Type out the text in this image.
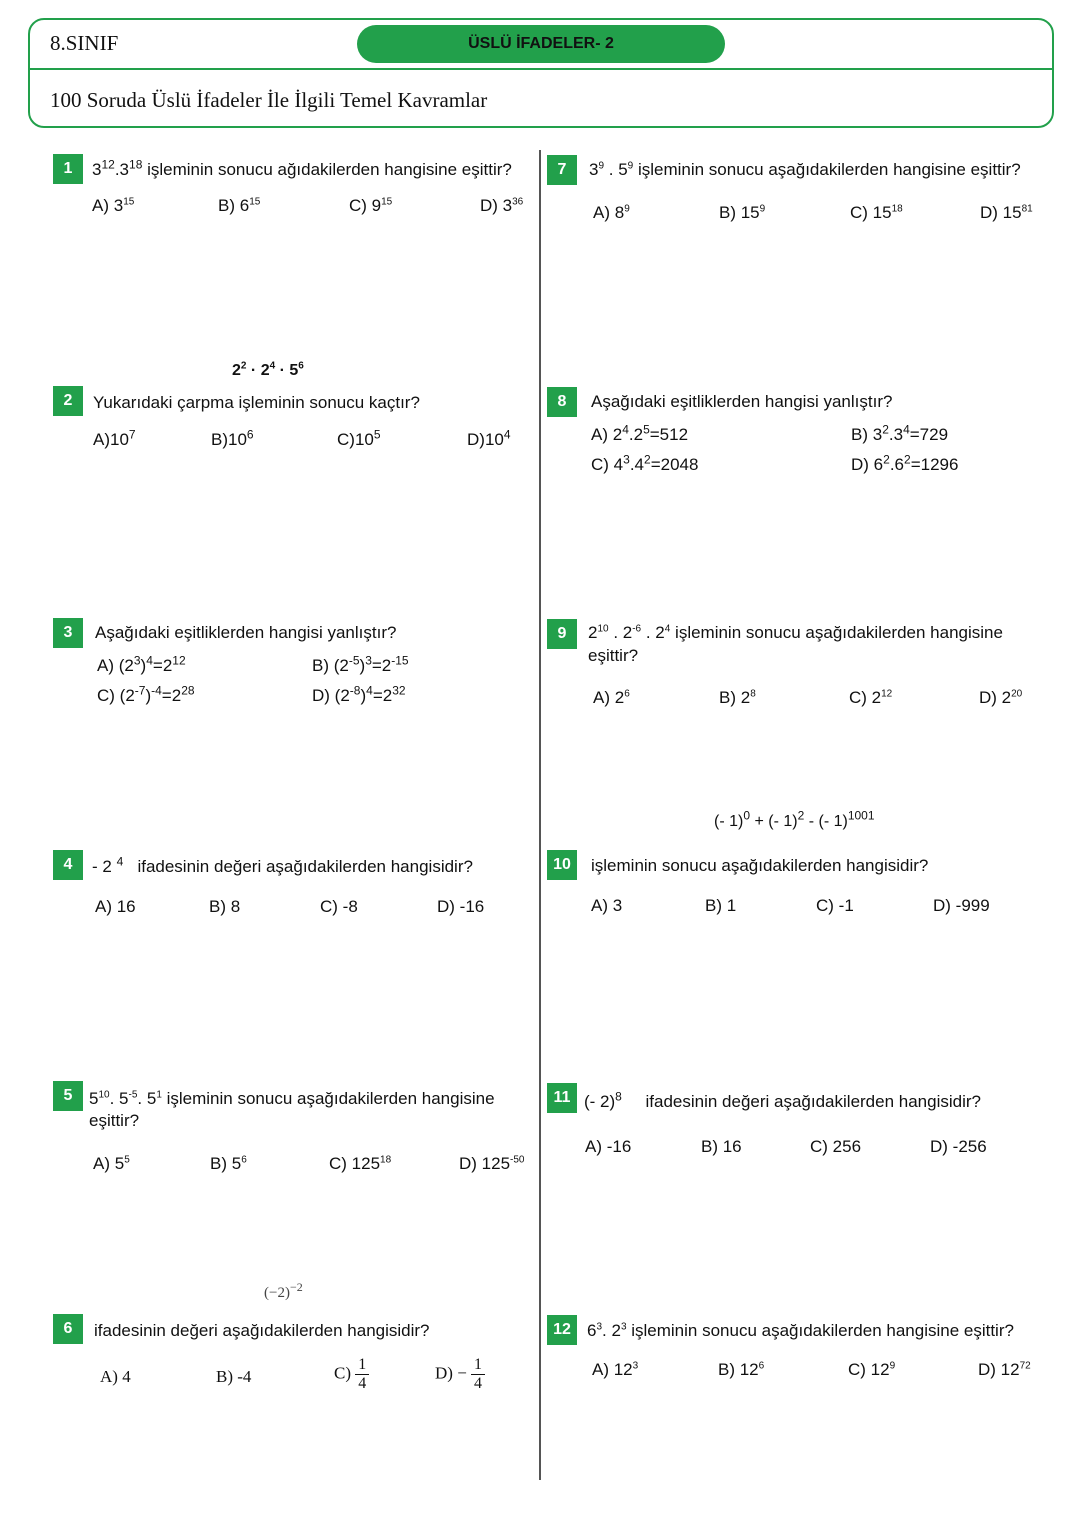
8.SINIF	ÜSLÜ İFADELER- 2
100 Soruda Üslü İfadeler İle İlgili Temel Kavramlar
1	$3^{12}.3^{18}$ işleminin sonucu ağıdakilerden hangisine eşittir?
A) $3^{15}$	B) $6^{15}$	C) $9^{15}$	D) $3^{36}$
$2^2 \cdot 2^4 \cdot 5^6$
2	Yukarıdaki çarpma işleminin sonucu kaçtır?
$A)10^7$	$B)10^6$	$C)10^5$	$D)10^4$
3	Aşağıdaki eşitliklerden hangisi yanlıştır?
A) $(2^3)^4=2^{12}$	B) $(2^{-5})^3=2^{-15}$
C) $(2^{-7})^{-4}=2^{28}$	D) $(2^{-8})^4=2^{32}$
4	- 2 $^4$ ifadesinin değeri aşağıdakilerden hangisidir?
A) 16	B) 8	C) -8	D) -16
5 $5^{10}$. $5^{-5}$. $5^1$ işleminin sonucu aşağıdakilerden hangisine
eşittir?
A) $5^5$	B) $5^6$	C) $125^{18}$	D) $125^{-50}$
$(-2)^{-2}$
6	ifadesinin değeri aşağıdakilerden hangisidir?
A) 4	B) -4	$C) \frac{1}{4}$	$D) - \frac{1}{4}$
7	$3^9$ . $5^9$ işleminin sonucu aşağıdakilerden hangisine eşittir?
A) $8^9$	B) $15^9$	C) $15^{18}$	D) $15^{81}$
8	Aşağıdaki eşitliklerden hangisi yanlıştır?
A) $2^4.2^5=512$	B) $3^2.3^4=729$
C) $4^3.4^2=2048$	D) $6^2.6^2=1296$
9	$2^{10}$ . $2^{-6}$ . $2^4$ işleminin sonucu aşağıdakilerden hangisine
eşittir?
A) $2^6$	B) $2^8$	C) $2^{12}$	D) $2^{20}$
(- 1)$^0$ + (- 1)$^2$ - (- 1)$^{1001}$
10	işleminin sonucu aşağıdakilerden hangisidir?
A) 3	B) 1	C) -1	D) -999
11 (- 2)$^8$ ifadesinin değeri aşağıdakilerden hangisidir?
A) -16	B) 16	C) 256	D) -256
12 $6^3$. $2^3$ işleminin sonucu aşağıdakilerden hangisine eşittir?
A) $12^3$	B) $12^6$	C) $12^9$	D) $12^{72}$
